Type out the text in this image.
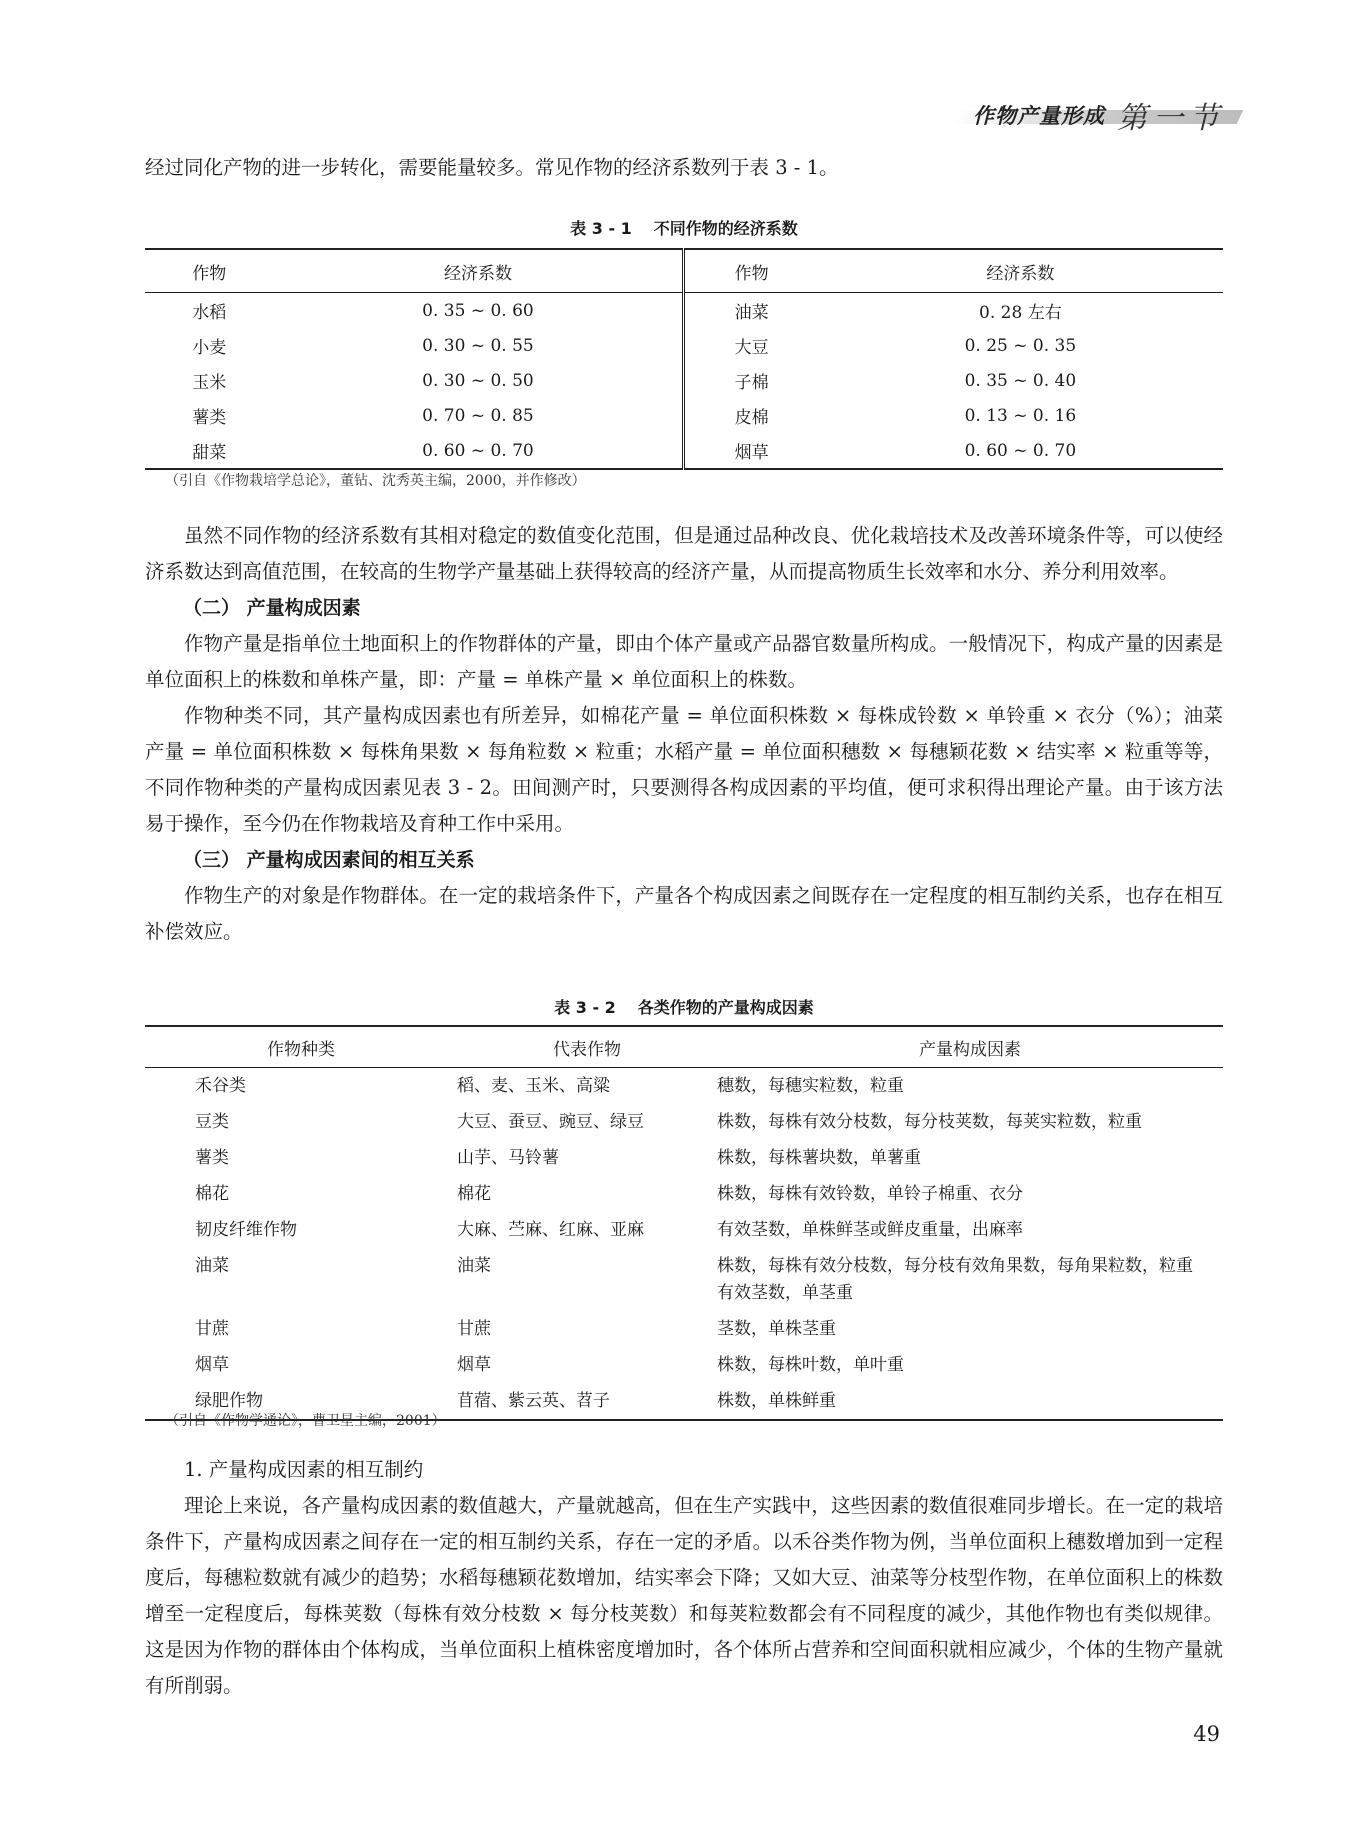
作物产量形成 第一节

经过同化产物的进一步转化，需要能量较多。常见作物的经济系数列于表 3 - 1。

表 3 - 1 不同作物的经济系数
作物	经济系数	作物	经济系数
水稻	0. 35 ~ 0. 60	油菜	0. 28 左右
小麦	0. 30 ~ 0. 55	大豆	0. 25 ~ 0. 35
玉米	0. 30 ~ 0. 50	子棉	0. 35 ~ 0. 40
薯类	0. 70 ~ 0. 85	皮棉	0. 13 ~ 0. 16
甜菜	0. 60 ~ 0. 70	烟草	0. 60 ~ 0. 70
（引自《作物栽培学总论》，董钻、沈秀英主编，2000，并作修改）

虽然不同作物的经济系数有其相对稳定的数值变化范围，但是通过品种改良、优化栽培技术及改善环境条件等，可以使经济系数达到高值范围，在较高的生物学产量基础上获得较高的经济产量，从而提高物质生长效率和水分、养分利用效率。

（二） 产量构成因素

作物产量是指单位土地面积上的作物群体的产量，即由个体产量或产品器官数量所构成。一般情况下，构成产量的因素是单位面积上的株数和单株产量，即：产量 = 单株产量 × 单位面积上的株数。

作物种类不同，其产量构成因素也有所差异，如棉花产量 = 单位面积株数 × 每株成铃数 × 单铃重 × 衣分（%）；油菜产量 = 单位面积株数 × 每株角果数 × 每角粒数 × 粒重；水稻产量 = 单位面积穗数 × 每穗颖花数 × 结实率 × 粒重等等，不同作物种类的产量构成因素见表 3 - 2。田间测产时，只要测得各构成因素的平均值，便可求积得出理论产量。由于该方法易于操作，至今仍在作物栽培及育种工作中采用。

（三） 产量构成因素间的相互关系

作物生产的对象是作物群体。在一定的栽培条件下，产量各个构成因素之间既存在一定程度的相互制约关系，也存在相互补偿效应。

表 3 - 2 各类作物的产量构成因素
作物种类	代表作物	产量构成因素
禾谷类	稻、麦、玉米、高粱	穗数，每穗实粒数，粒重
豆类	大豆、蚕豆、豌豆、绿豆	株数，每株有效分枝数，每分枝荚数，每荚实粒数，粒重
薯类	山芋、马铃薯	株数，每株薯块数，单薯重
棉花	棉花	株数，每株有效铃数，单铃子棉重、衣分
韧皮纤维作物	大麻、苎麻、红麻、亚麻	有效茎数，单株鲜茎或鲜皮重量，出麻率
油菜	油菜	株数，每株有效分枝数，每分枝有效角果数，每角果粒数，粒重有效茎数，单茎重
甘蔗	甘蔗	茎数，单株茎重
烟草	烟草	株数，每株叶数，单叶重
绿肥作物	苜蓿、紫云英、苕子	株数，单株鲜重
（引自《作物学通论》，曹卫星主编，2001）

1. 产量构成因素的相互制约

理论上来说，各产量构成因素的数值越大，产量就越高，但在生产实践中，这些因素的数值很难同步增长。在一定的栽培条件下，产量构成因素之间存在一定的相互制约关系，存在一定的矛盾。以禾谷类作物为例，当单位面积上穗数增加到一定程度后，每穗粒数就有减少的趋势；水稻每穗颖花数增加，结实率会下降；又如大豆、油菜等分枝型作物，在单位面积上的株数增至一定程度后，每株荚数（每株有效分枝数 × 每分枝荚数）和每荚粒数都会有不同程度的减少，其他作物也有类似规律。这是因为作物的群体由个体构成，当单位面积上植株密度增加时，各个体所占营养和空间面积就相应减少，个体的生物产量就有所削弱。

49
